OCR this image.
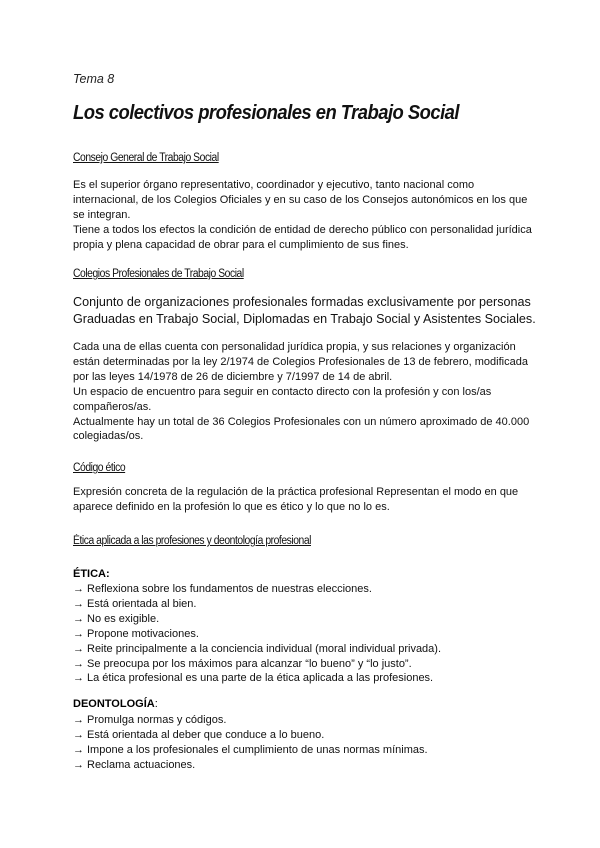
Tema 8
Los colectivos profesionales en Trabajo Social
Consejo General de Trabajo Social

Es el superior órgano representativo, coordinador y ejecutivo, tanto nacional como internacional, de los Colegios Oficiales y en su caso de los Consejos autonómicos en los que se integran.

Tiene a todos los efectos la condición de entidad de derecho público con personalidad jurídica propia y plena capacidad de obrar para el cumplimiento de sus fines.

Colegios Profesionales de Trabajo Social
Conjunto de organizaciones profesionales formadas exclusivamente por personas Graduadas en Trabajo Social, Diplomadas en Trabajo Social y Asistentes Sociales.

Cada una de ellas cuenta con personalidad jurídica propia, y sus relaciones y organización están determinadas por la ley 2/1974 de Colegios Profesionales de 13 de febrero, modificada por las leyes 14/1978 de 26 de diciembre y 7/1997 de 14 de abril.

Un espacio de encuentro para seguir en contacto directo con la profesión y con los/as compañeros/as.

Actualmente hay un total de 36 Colegios Profesionales con un número aproximado de 40.000 colegiadas/os.

Código ético
Expresión concreta de la regulación de la práctica profesional Representan el modo en que aparece definido en la profesión lo que es ético y lo que no lo es.
Ética aplicada a las profesiones y deontología profesional
ÉTICA:
→ Reflexiona sobre los fundamentos de nuestras elecciones.
→ Está orientada al bien.
→ No es exigible.
→ Propone motivaciones.
→ Reite principalmente a la conciencia individual (moral individual privada).
→ Se preocupa por los máximos para alcanzar “lo bueno” y “lo justo”.
→ La ética profesional es una parte de la ética aplicada a las profesiones.
DEONTOLOGÍA:
→ Promulga normas y códigos.
→ Está orientada al deber que conduce a lo bueno.
→ Impone a los profesionales el cumplimiento de unas normas mínimas.
→ Reclama actuaciones.
